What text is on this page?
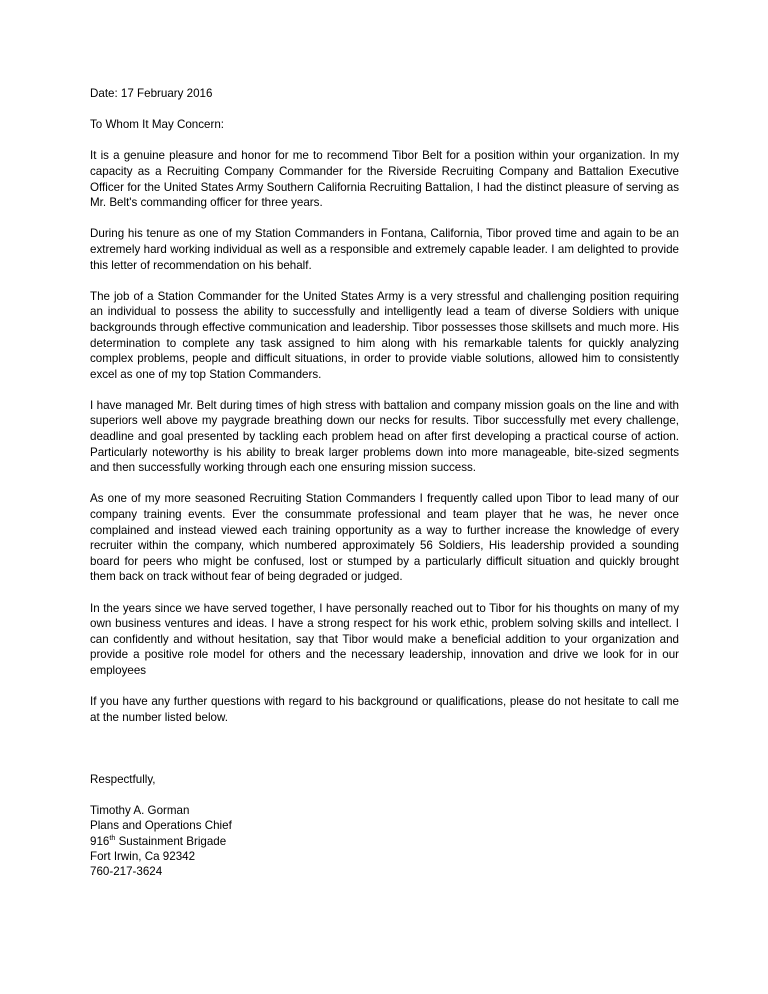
Date: 17 February 2016
To Whom It May Concern:

It is a genuine pleasure and honor for me to recommend Tibor Belt for a position within your organization. In my capacity as a Recruiting Company Commander for the Riverside Recruiting Company and Battalion Executive Officer for the United States Army Southern California Recruiting Battalion, I had the distinct pleasure of serving as Mr. Belt's commanding officer for three years.

During his tenure as one of my Station Commanders in Fontana, California, Tibor proved time and again to be an extremely hard working individual as well as a responsible and extremely capable leader. I am delighted to provide this letter of recommendation on his behalf.

The job of a Station Commander for the United States Army is a very stressful and challenging position requiring an individual to possess the ability to successfully and intelligently lead a team of diverse Soldiers with unique backgrounds through effective communication and leadership. Tibor possesses those skillsets and much more. His determination to complete any task assigned to him along with his remarkable talents for quickly analyzing complex problems, people and difficult situations, in order to provide viable solutions, allowed him to consistently excel as one of my top Station Commanders.

I have managed Mr. Belt during times of high stress with battalion and company mission goals on the line and with superiors well above my paygrade breathing down our necks for results. Tibor successfully met every challenge, deadline and goal presented by tackling each problem head on after first developing a practical course of action. Particularly noteworthy is his ability to break larger problems down into more manageable, bite-sized segments and then successfully working through each one ensuring mission success.

As one of my more seasoned Recruiting Station Commanders I frequently called upon Tibor to lead many of our company training events. Ever the consummate professional and team player that he was, he never once complained and instead viewed each training opportunity as a way to further increase the knowledge of every recruiter within the company, which numbered approximately 56 Soldiers, His leadership provided a sounding board for peers who might be confused, lost or stumped by a particularly difficult situation and quickly brought them back on track without fear of being degraded or judged.

In the years since we have served together, I have personally reached out to Tibor for his thoughts on many of my own business ventures and ideas. I have a strong respect for his work ethic, problem solving skills and intellect. I can confidently and without hesitation, say that Tibor would make a beneficial addition to your organization and provide a positive role model for others and the necessary leadership, innovation and drive we look for in our employees

If you have any further questions with regard to his background or qualifications, please do not hesitate to call me at the number listed below.

Respectfully,
Timothy A. Gorman
Plans and Operations Chief
916th Sustainment Brigade
Fort Irwin, Ca 92342
760-217-3624
